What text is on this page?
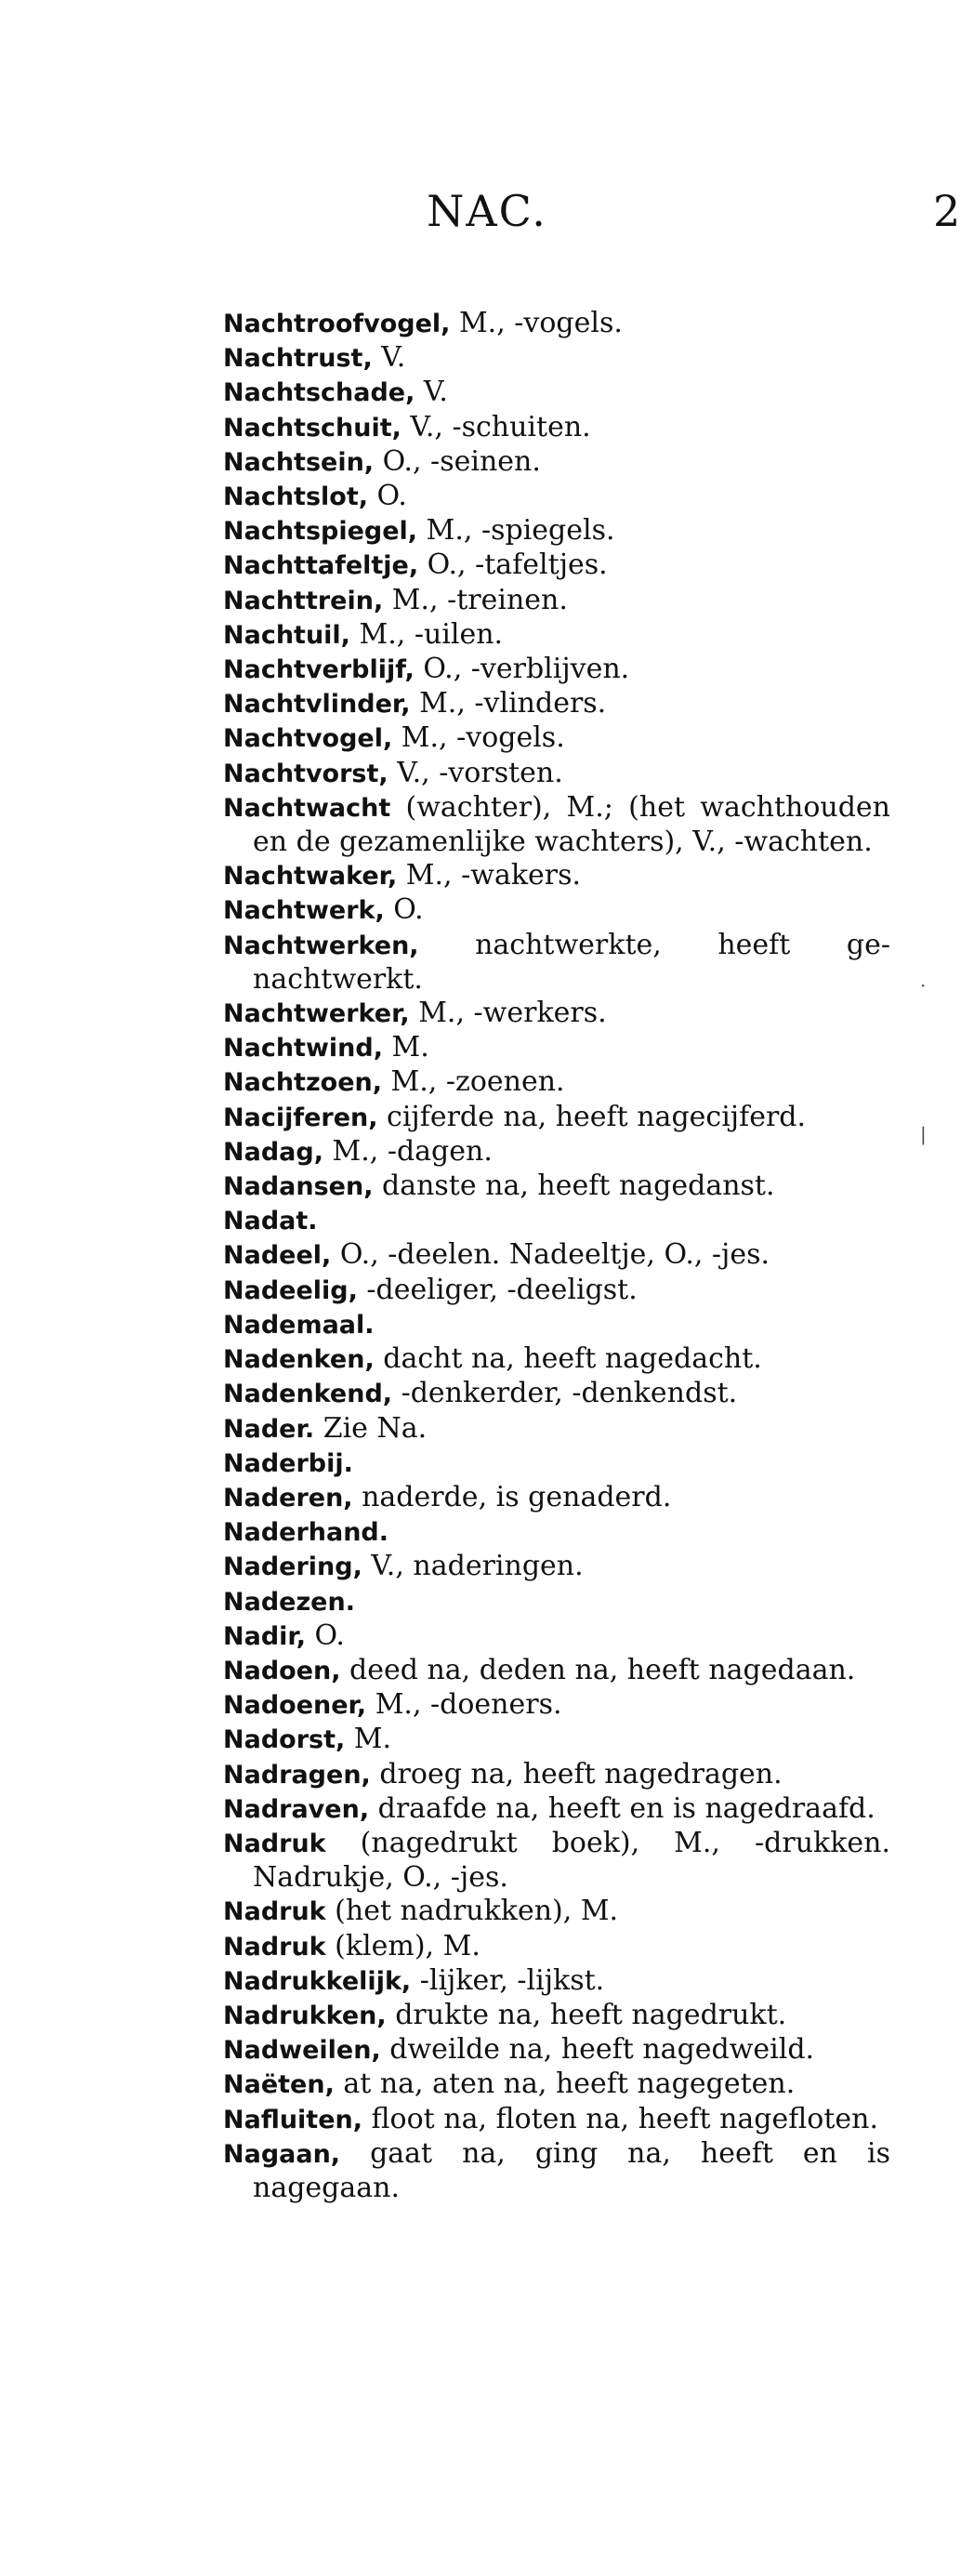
NAC.	2

Nachtroofvogel, M., -vogels.

Nachtrust, V.

Nachtschade, V.

Nachtschuit, V., -schuiten.

Nachtsein, O., -seinen.

Nachtslot, O.

Nachtspiegel, M., -spiegels.

Nachttafeltje, O., -tafeltjes.

Nachttrein, M., -treinen.

Nachtuil, M., -uilen.

Nachtverblijf, O., -verblijven.

Nachtvlinder, M., -vlinders.

Nachtvogel, M., -vogels.

Nachtvorst, V., -vorsten.

Nachtwacht (wachter), M.; (het wachthouden en de gezamenlijke wachters), V., -wachten.

Nachtwaker, M., -wakers.

Nachtwerk, O.

Nachtwerken, nachtwerkte, heeft genachtwerkt.

Nachtwerker, M., -werkers.

Nachtwind, M.

Nachtzoen, M., -zoenen.

Nacijferen, cijferde na, heeft nagecijferd.

Nadag, M., -dagen.

Nadansen, danste na, heeft nagedanst.

Nadat.

Nadeel, O., -deelen. Nadeeltje, O., -jes.

Nadeelig, -deeliger, -deeligst.

Nademaal.

Nadenken, dacht na, heeft nagedacht.

Nadenkend, -denkerder, -denkendst.

Nader. Zie Na.

Naderbij.

Naderen, naderde, is genaderd.

Naderhand.

Nadering, V., naderingen.

Nadezen.

Nadir, O.

Nadoen, deed na, deden na, heeft nagedaan.

Nadoener, M., -doeners.

Nadorst, M.

Nadragen, droeg na, heeft nagedragen.

Nadraven, draafde na, heeft en is nagedraafd.

Nadruk (nagedrukt boek), M., -drukken. Nadrukje, O., -jes.

Nadruk (het nadrukken), M.

Nadruk (klem), M.

Nadrukkelijk, -lijker, -lijkst.

Nadrukken, drukte na, heeft nagedrukt.

Nadweilen, dweilde na, heeft nagedweild.

Naëten, at na, aten na, heeft nagegeten.

Nafluiten, floot na, floten na, heeft nagefloten.

Nagaan, gaat na, ging na, heeft en is nagegaan.

·
|
